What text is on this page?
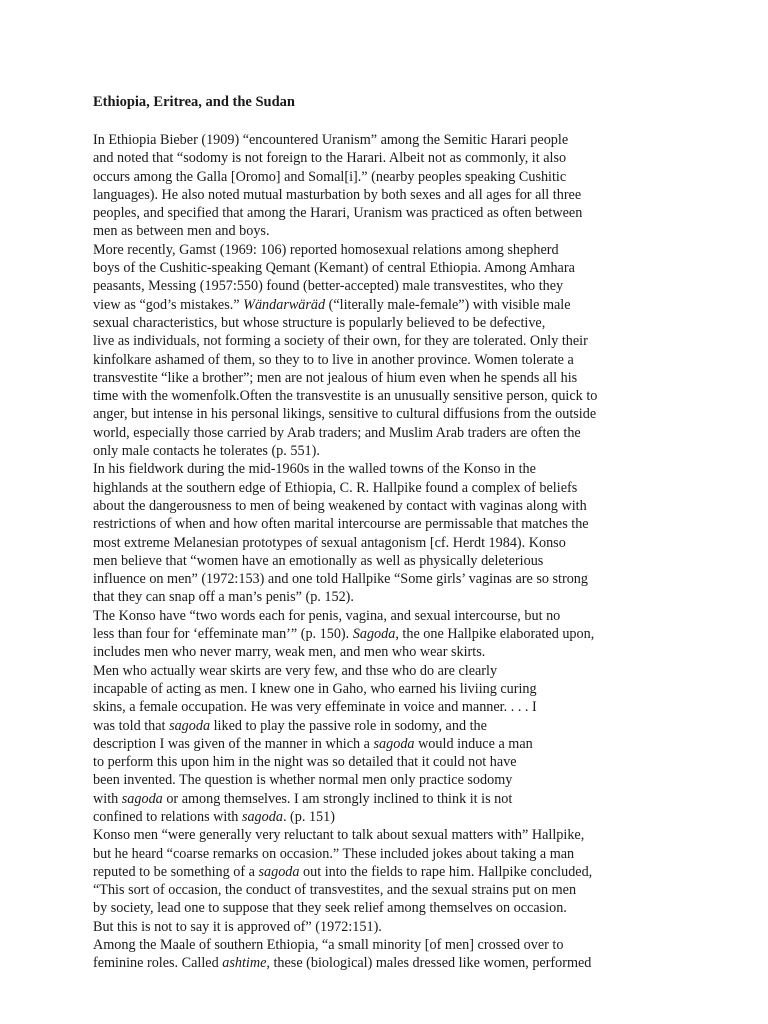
Ethiopia, Eritrea, and the Sudan
In Ethiopia Bieber (1909) “encountered Uranism” among the Semitic Harari people
and noted that “sodomy is not foreign to the Harari. Albeit not as commonly, it also
occurs among the Galla [Oromo] and Somal[i].” (nearby peoples speaking Cushitic
languages). He also noted mutual masturbation by both sexes and all ages for all three
peoples, and specified that among the Harari, Uranism was practiced as often between
men as between men and boys.
More recently, Gamst (1969: 106) reported homosexual relations among shepherd
boys of the Cushitic-speaking Qemant (Kemant) of central Ethiopia. Among Amhara
peasants, Messing (1957:550) found (better-accepted) male transvestites, who they
view as “god’s mistakes.” Wändarwäräd (“literally male-female”) with visible male
sexual characteristics, but whose structure is popularly believed to be defective,
live as individuals, not forming a society of their own, for they are tolerated. Only their
kinfolkare ashamed of them, so they to to live in another province. Women tolerate a
transvestite “like a brother”; men are not jealous of hium even when he spends all his
time with the womenfolk.Often the transvestite is an unusually sensitive person, quick to
anger, but intense in his personal likings, sensitive to cultural diffusions from the outside
world, especially those carried by Arab traders; and Muslim Arab traders are often the
only male contacts he tolerates (p. 551).
In his fieldwork during the mid-1960s in the walled towns of the Konso in the
highlands at the southern edge of Ethiopia, C. R. Hallpike found a complex of beliefs
about the dangerousness to men of being weakened by contact with vaginas along with
restrictions of when and how often marital intercourse are permissable that matches the
most extreme Melanesian prototypes of sexual antagonism [cf. Herdt 1984). Konso
men believe that “women have an emotionally as well as physically deleterious
influence on men” (1972:153) and one told Hallpike “Some girls’ vaginas are so strong
that they can snap off a man’s penis” (p. 152).
The Konso have “two words each for penis, vagina, and sexual intercourse, but no
less than four for ‘effeminate man’” (p. 150). Sagoda, the one Hallpike elaborated upon,
includes men who never marry, weak men, and men who wear skirts.
Men who actually wear skirts are very few, and thse who do are clearly
incapable of acting as men. I knew one in Gaho, who earned his liviing curing
skins, a female occupation. He was very effeminate in voice and manner. . . . I
was told that sagoda liked to play the passive role in sodomy, and the
description I was given of the manner in which a sagoda would induce a man
to perform this upon him in the night was so detailed that it could not have
been invented. The question is whether normal men only practice sodomy
with sagoda or among themselves. I am strongly inclined to think it is not
confined to relations with sagoda. (p. 151)
Konso men “were generally very reluctant to talk about sexual matters with” Hallpike,
but he heard “coarse remarks on occasion.” These included jokes about taking a man
reputed to be something of a sagoda out into the fields to rape him. Hallpike concluded,
“This sort of occasion, the conduct of transvestites, and the sexual strains put on men
by society, lead one to suppose that they seek relief among themselves on occasion.
But this is not to say it is approved of” (1972:151).
Among the Maale of southern Ethiopia, “a small minority [of men] crossed over to
feminine roles. Called ashtime, these (biological) males dressed like women, performed
